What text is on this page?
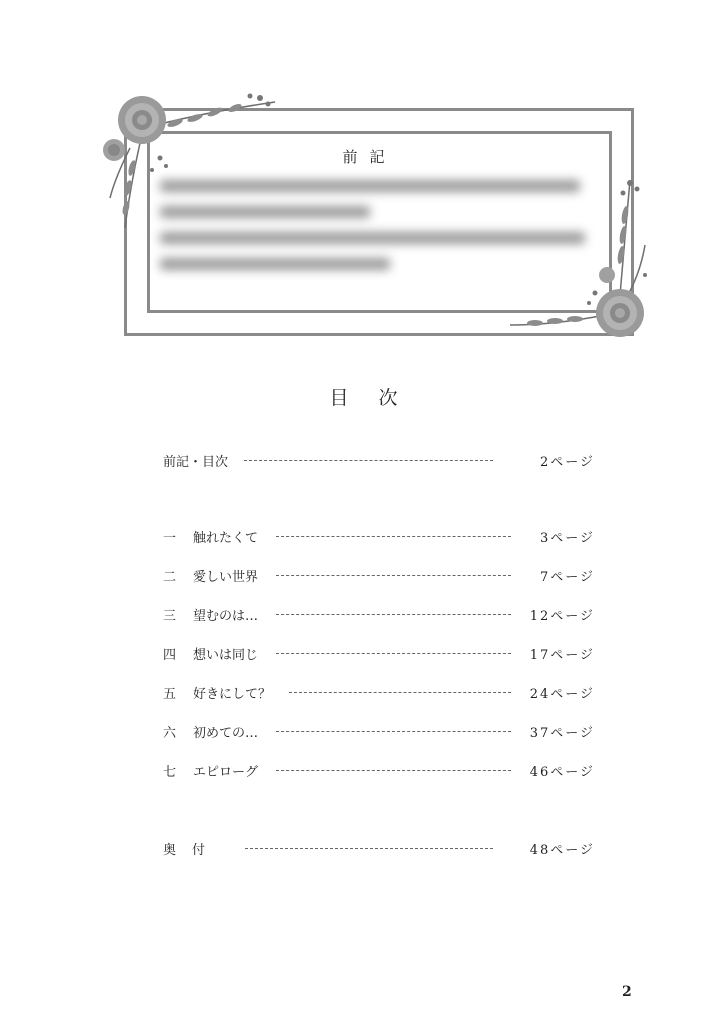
前記
目次
前記・目次	2ページ
一	触れたくて	3ページ
二	愛しい世界	7ページ
三	望むのは…	12ページ
四	想いは同じ	17ページ
五	好きにして？	24ページ
六	初めての…	37ページ
七	エピローグ	46ページ
奥付	48ページ
2
